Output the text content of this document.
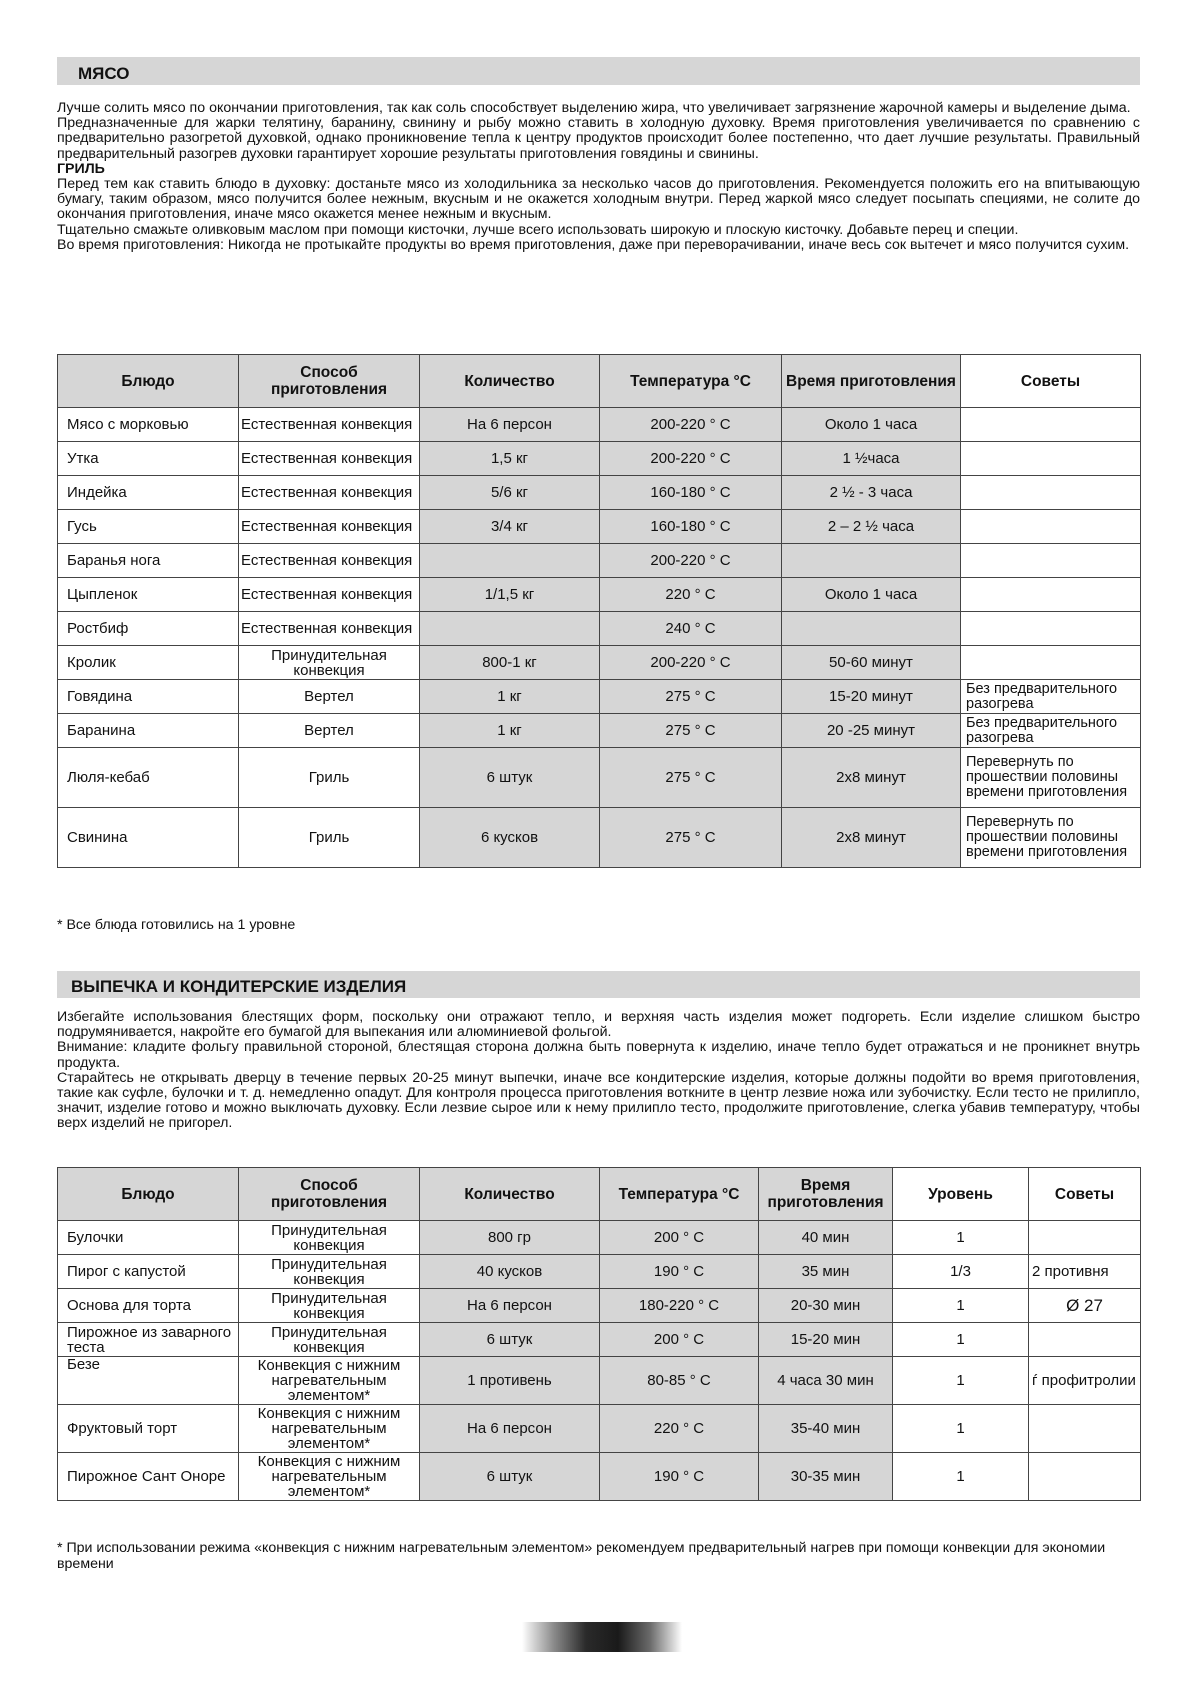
МЯСО

Лучше солить мясо по окончании приготовления, так как соль способствует выделению жира, что увеличивает загрязнение жарочной камеры и выделение дыма.

Предназначенные для жарки телятину, баранину, свинину и рыбу можно ставить в холодную духовку. Время приготовления увеличивается по сравнению с предварительно разогретой духовкой, однако проникновение тепла к центру продуктов происходит более постепенно, что дает лучшие результаты. Правильный предварительный разогрев духовки гарантирует хорошие результаты приготовления говядины и свинины.

ГРИЛЬ

Перед тем как ставить блюдо в духовку: достаньте мясо из холодильника за несколько часов до приготовления. Рекомендуется положить его на впитывающую бумагу, таким образом, мясо получится более нежным, вкусным и не окажется холодным внутри. Перед жаркой мясо следует посыпать специями, не солите до окончания приготовления, иначе мясо окажется менее нежным и вкусным.

Тщательно смажьте оливковым маслом при помощи кисточки, лучше всего использовать широкую и плоскую кисточку. Добавьте перец и специи.

Во время приготовления: Никогда не протыкайте продукты во время приготовления, даже при переворачивании, иначе весь сок вытечет и мясо получится сухим.

Блюдо	Способ приготовления	Количество	Температура °C	Время приготовления	Советы
Мясо с морковью	Естественная конвекция	На 6 персон	200-220 ° C	Около 1 часа	
Утка	Естественная конвекция	1,5 кг	200-220 ° C	1 ½часа	
Индейка	Естественная конвекция	5/6 кг	160-180 ° C	2 ½ - 3 часа	
Гусь	Естественная конвекция	3/4 кг	160-180 ° C	2 – 2 ½ часа	
Баранья нога	Естественная конвекция		200-220 ° C		
Цыпленок	Естественная конвекция	1/1,5 кг	220 ° C	Около 1 часа	
Ростбиф	Естественная конвекция		240 ° C		
Кролик	Принудительная конвекция	800-1 кг	200-220 ° C	50-60 минут	
Говядина	Вертел	1 кг	275 ° C	15-20 минут	Без предварительного разогрева
Баранина	Вертел	1 кг	275 ° C	20 -25 минут	Без предварительного разогрева
Люля-кебаб	Гриль	6 штук	275 ° C	2x8 минут	Перевернуть по прошествии половины времени приготовления
Свинина	Гриль	6 кусков	275 ° C	2x8 минут	Перевернуть по прошествии половины времени приготовления
* Все блюда готовились на 1 уровне
ВЫПЕЧКА И КОНДИТЕРСКИЕ ИЗДЕЛИЯ

Избегайте использования блестящих форм, поскольку они отражают тепло, и верхняя часть изделия может подгореть. Если изделие слишком быстро подрумянивается, накройте его бумагой для выпекания или алюминиевой фольгой.

Внимание: кладите фольгу правильной стороной, блестящая сторона должна быть повернута к изделию, иначе тепло будет отражаться и не проникнет внутрь продукта.

Старайтесь не открывать дверцу в течение первых 20-25 минут выпечки, иначе все кондитерские изделия, которые должны подойти во время приготовления, такие как суфле, булочки и т. д. немедленно опадут. Для контроля процесса приготовления воткните в центр лезвие ножа или зубочистку. Если тесто не прилипло, значит, изделие готово и можно выключать духовку. Если лезвие сырое или к нему прилипло тесто, продолжите приготовление, слегка убавив температуру, чтобы верх изделий не пригорел.

Блюдо	Способ приготовления	Количество	Температура °C	Время приготовления	Уровень	Советы
Булочки	Принудительная конвекция	800 гр	200 ° C	40 мин	1	
Пирог с капустой	Принудительная конвекция	40 кусков	190 ° C	35 мин	1/3	2 противня
Основа для торта	Принудительная конвекция	На 6 персон	180-220 ° C	20-30 мин	1	Ø 27
Пирожное из заварного теста	Принудительная конвекция	6 штук	200 ° C	15-20 мин	1	
Безе	Конвекция с нижним нагревательным элементом*	1 противень	80-85 ° C	4 часа 30 мин	1	ѓ профитролии
Фруктовый торт	Конвекция с нижним нагревательным элементом*	На 6 персон	220 ° C	35-40 мин	1	
Пирожное Сант Оноре	Конвекция с нижним нагревательным элементом*	6 штук	190 ° C	30-35 мин	1	
* При использовании режима «конвекция с нижним нагревательным элементом» рекомендуем предварительный нагрев при помощи конвекции для экономии времени
